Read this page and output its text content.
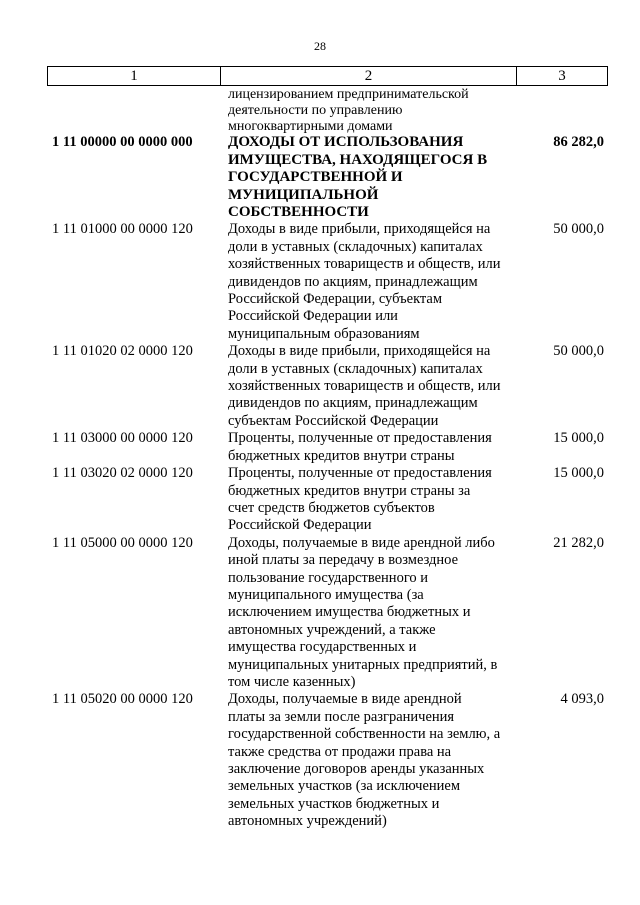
28
1	2	3
лицензированием предпринимательской
деятельности по управлению
многоквартирными домами
1 11 00000 00 0000 000	ДОХОДЫ ОТ ИСПОЛЬЗОВАНИЯ
ИМУЩЕСТВА, НАХОДЯЩЕГОСЯ В
ГОСУДАРСТВЕННОЙ И
МУНИЦИПАЛЬНОЙ
СОБСТВЕННОСТИ
86 282,0
1 11 01000 00 0000 120	Доходы в виде прибыли, приходящейся на
доли в уставных (складочных) капиталах
хозяйственных товариществ и обществ, или
дивидендов по акциям, принадлежащим
Российской Федерации, субъектам
Российской Федерации или
муниципальным образованиям
50 000,0
1 11 01020 02 0000 120	Доходы в виде прибыли, приходящейся на
доли в уставных (складочных) капиталах
хозяйственных товариществ и обществ, или
дивидендов по акциям, принадлежащим
субъектам Российской Федерации
50 000,0
1 11 03000 00 0000 120	Проценты, полученные от предоставления
бюджетных кредитов внутри страны
15 000,0
1 11 03020 02 0000 120	Проценты, полученные от предоставления
бюджетных кредитов внутри страны за
счет средств бюджетов субъектов
Российской Федерации
15 000,0
1 11 05000 00 0000 120	Доходы, получаемые в виде арендной либо
иной платы за передачу в возмездное
пользование государственного и
муниципального имущества (за
исключением имущества бюджетных и
автономных учреждений, а также
имущества государственных и
муниципальных унитарных предприятий, в
том числе казенных)
21 282,0
1 11 05020 00 0000 120	Доходы, получаемые в виде арендной
платы за земли после разграничения
государственной собственности на землю, а
также средства от продажи права на
заключение договоров аренды указанных
земельных участков (за исключением
земельных участков бюджетных и
автономных учреждений)
4 093,0
